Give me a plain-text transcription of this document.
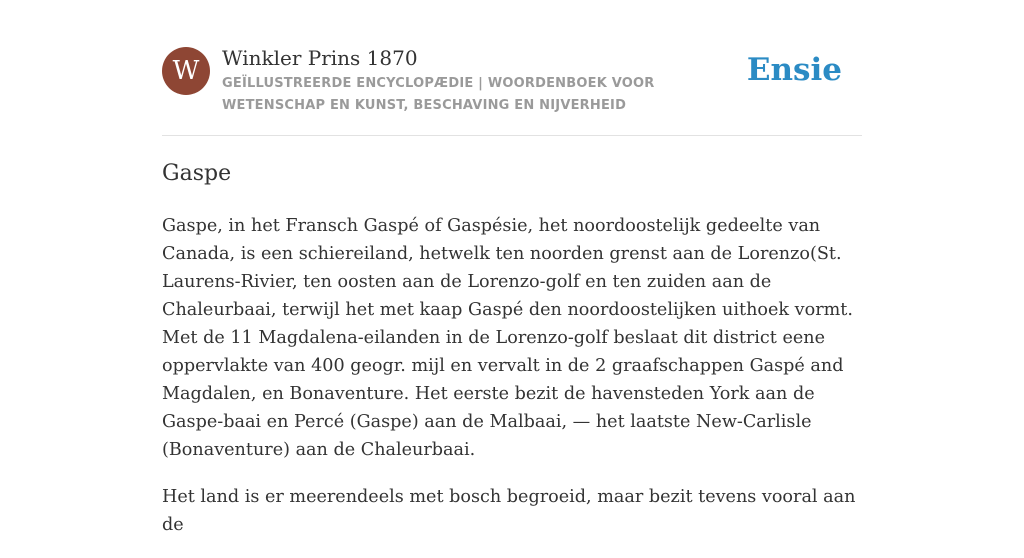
W	Winkler Prins 1870
GEÏLLUSTREERDE ENCYCLOPÆDIE | WOORDENBOEK VOOR WETENSCHAP EN KUNST, BESCHAVING EN NIJVERHEID
Ensie
Gaspe

Gaspe, in het Fransch Gaspé of Gaspésie, het noordoostelijk gedeelte van Canada, is een schiereiland, hetwelk ten noorden grenst aan de Lorenzo(St. Laurens-Rivier, ten oosten aan de Lorenzo-golf en ten zuiden aan de Chaleurbaai, terwijl het met kaap Gaspé den noordoostelijken uithoek vormt. Met de 11 Magdalena-eilanden in de Lorenzo-golf beslaat dit district eene oppervlakte van 400 geogr. mijl en vervalt in de 2 graafschappen Gaspé and Magdalen, en Bonaventure. Het eerste bezit de havensteden York aan de Gaspe-baai en Percé (Gaspe) aan de Malbaai, — het laatste New-Carlisle (Bonaventure) aan de Chaleurbaai.

Het land is er meerendeels met bosch begroeid, maar bezit tevens vooral aan de
